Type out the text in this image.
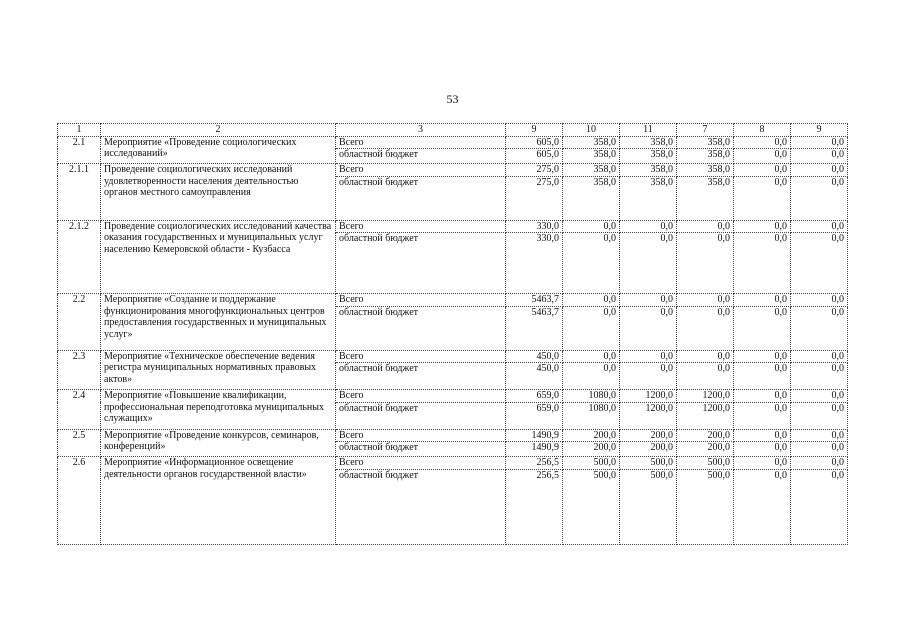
53
1	2	3	9	10	11	7	8	9
2.1	Мероприятие «Проведение социологических исследований»	Всего	605,0	358,0	358,0	358,0	0,0	0,0
		областной бюджет	605,0	358,0	358,0	358,0	0,0	0,0
2.1.1	Проведение социологических исследований удовлетворенности населения деятельностью органов местного самоуправления	Всего	275,0	358,0	358,0	358,0	0,0	0,0
		областной бюджет	275,0	358,0	358,0	358,0	0,0	0,0
2.1.2	Проведение социологических исследований качества оказания государственных и муниципальных услуг населению Кемеровской области - Кузбасса	Всего	330,0	0,0	0,0	0,0	0,0	0,0
		областной бюджет	330,0	0,0	0,0	0,0	0,0	0,0
2.2	Мероприятие «Создание и поддержание функционирования многофункциональных центров предоставления государственных и муниципальных услуг»	Всего	5463,7	0,0	0,0	0,0	0,0	0,0
		областной бюджет	5463,7	0,0	0,0	0,0	0,0	0,0
2.3	Мероприятие «Техническое обеспечение ведения регистра муниципальных нормативных правовых актов»	Всего	450,0	0,0	0,0	0,0	0,0	0,0
		областной бюджет	450,0	0,0	0,0	0,0	0,0	0,0
2.4	Мероприятие «Повышение квалификации, профессиональная переподготовка муниципальных служащих»	Всего	659,0	1080,0	1200,0	1200,0	0,0	0,0
		областной бюджет	659,0	1080,0	1200,0	1200,0	0,0	0,0
2.5	Мероприятие «Проведение конкурсов, семинаров, конференций»	Всего	1490,9	200,0	200,0	200,0	0,0	0,0
		областной бюджет	1490,9	200,0	200,0	200,0	0,0	0,0
2.6	Мероприятие «Информационное освещение деятельности органов государственной власти»	Всего	256,5	500,0	500,0	500,0	0,0	0,0
		областной бюджет	256,5	500,0	500,0	500,0	0,0	0,0
